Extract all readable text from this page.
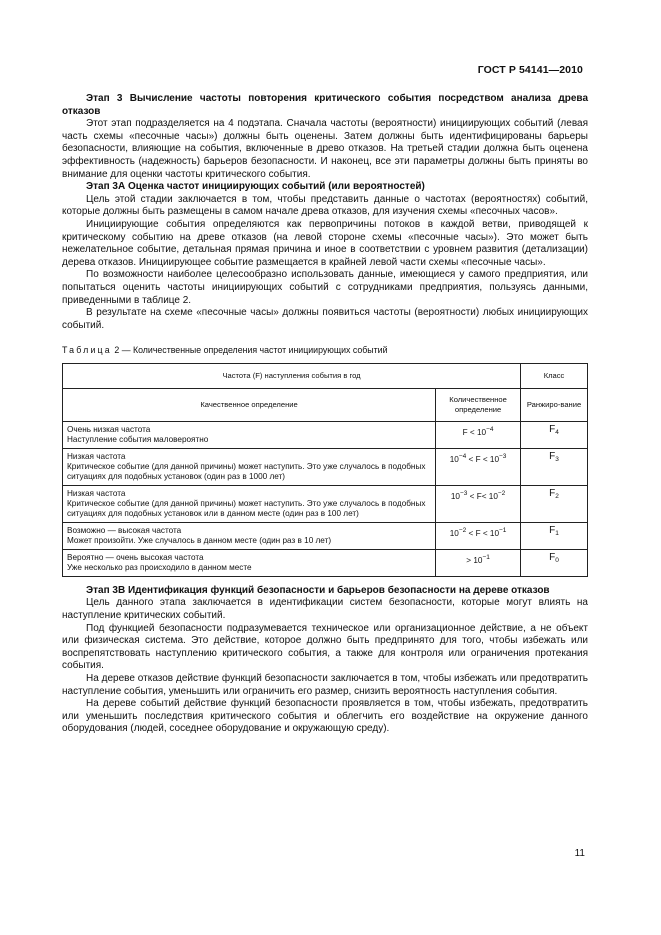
ГОСТ Р 54141—2010

Этап 3 Вычисление частоты повторения критического события посредством анализа древа отказов

Этот этап подразделяется на 4 подэтапа. Сначала частоты (вероятности) инициирующих событий (левая часть схемы «песочные часы») должны быть оценены. Затем должны быть идентифицированы барьеры безопасности, влияющие на события, включенные в древо отказов. На третьей стадии должна быть оценена эффективность (надежность) барьеров безопасности. И наконец, все эти параметры должны быть приняты во внимание для оценки частоты критического события.

Этап 3А Оценка частот инициирующих событий (или вероятностей)

Цель этой стадии заключается в том, чтобы представить данные о частотах (вероятностях) событий, которые должны быть размещены в самом начале древа отказов, для изучения схемы «песочных часов».

Инициирующие события определяются как первопричины потоков в каждой ветви, приводящей к критическому событию на древе отказов (на левой стороне схемы «песочные часы»). Это может быть нежелательное событие, детальная прямая причина и иное в соответствии с уровнем развития (детализации) дерева отказов. Инициирующее событие размещается в крайней левой части схемы «песочные часы».

По возможности наиболее целесообразно использовать данные, имеющиеся у самого предприятия, или попытаться оценить частоты инициирующих событий с сотрудниками предприятия, пользуясь данными, приведенными в таблице 2.

В результате на схеме «песочные часы» должны появиться частоты (вероятности) любых инициирующих событий.

Таблица 2 — Количественные определения частот инициирующих событий

Частота (F) наступления события в год		Класс
Качественное определение	Количественное определение	Ранжиро-вание

Очень низкая частота
Наступление события маловероятно	$F < 10^{-4}$	$F_4$

Низкая частота
Критическое событие (для данной причины) может наступить. Это уже случалось в подобных ситуациях для подобных установок (один раз в 1000 лет)	$10^{-4} < F < 10^{-3}$	$F_3$

Низкая частота
Критическое событие (для данной причины) может наступить. Это уже случалось в подобных ситуациях для подобных установок или в данном месте (один раз в 100 лет)	$10^{-3} < F< 10^{-2}$	$F_2$

Возможно — высокая частота
Может произойти. Уже случалось в данном месте (один раз в 10 лет)	$10^{-2} < F < 10^{-1}$	$F_1$

Вероятно — очень высокая частота
Уже несколько раз происходило в данном месте	> $10^{-1}$	$F_0$

Этап 3В Идентификация функций безопасности и барьеров безопасности на дереве отказов

Цель данного этапа заключается в идентификации систем безопасности, которые могут влиять на наступление критических событий.

Под функцией безопасности подразумевается техническое или организационное действие, а не объект или физическая система. Это действие, которое должно быть предпринято для того, чтобы избежать или воспрепятствовать наступлению критического события, а также для контроля или ограничения протекания события.

На дереве отказов действие функций безопасности заключается в том, чтобы избежать или предотвратить наступление события, уменьшить или ограничить его размер, снизить вероятность наступления события.

На дереве событий действие функций безопасности проявляется в том, чтобы избежать, предотвратить или уменьшить последствия критического события и облегчить его воздействие на окружение данного оборудования (людей, соседнее оборудование и окружающую среду).

11
